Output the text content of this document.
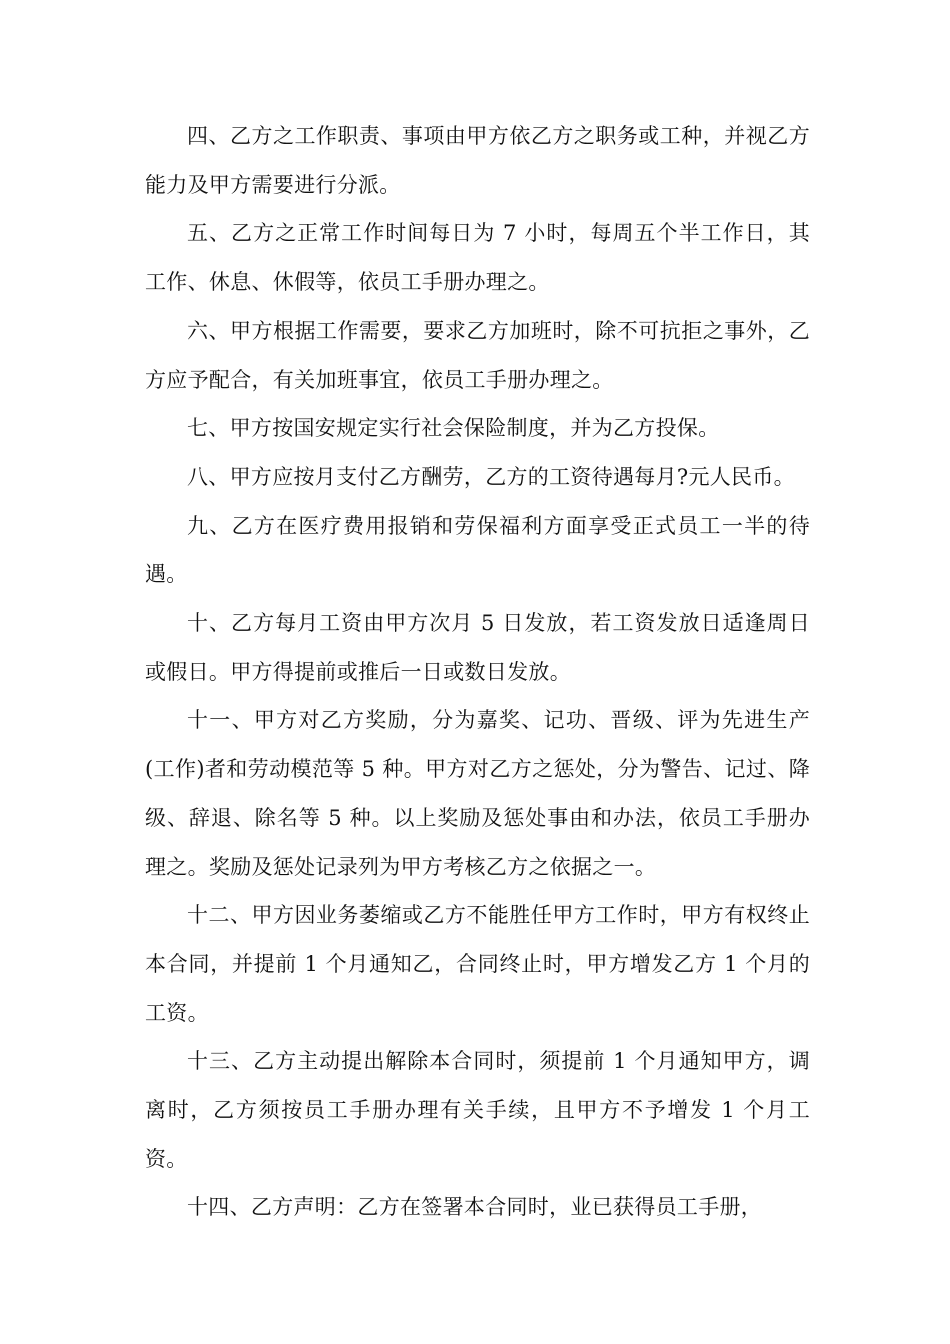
四、乙方之工作职责、事项由甲方依乙方之职务或工种，并视乙方能力及甲方需要进行分派。

五、乙方之正常工作时间每日为 7 小时，每周五个半工作日，其工作、休息、休假等，依员工手册办理之。

六、甲方根据工作需要，要求乙方加班时，除不可抗拒之事外，乙方应予配合，有关加班事宜，依员工手册办理之。

七、甲方按国安规定实行社会保险制度，并为乙方投保。

八、甲方应按月支付乙方酬劳，乙方的工资待遇每月?元人民币。

九、乙方在医疗费用报销和劳保福利方面享受正式员工一半的待遇。

十、乙方每月工资由甲方次月 5 日发放，若工资发放日适逢周日或假日。甲方得提前或推后一日或数日发放。

十一、甲方对乙方奖励，分为嘉奖、记功、晋级、评为先进生产(工作)者和劳动模范等 5 种。甲方对乙方之惩处，分为警告、记过、降级、辞退、除名等 5 种。以上奖励及惩处事由和办法，依员工手册办理之。奖励及惩处记录列为甲方考核乙方之依据之一。

十二、甲方因业务萎缩或乙方不能胜任甲方工作时，甲方有权终止本合同，并提前 1 个月通知乙，合同终止时，甲方增发乙方 1 个月的工资。

十三、乙方主动提出解除本合同时，须提前 1 个月通知甲方，调离时，乙方须按员工手册办理有关手续，且甲方不予增发 1 个月工资。

十四、乙方声明：乙方在签署本合同时，业已获得员工手册，
